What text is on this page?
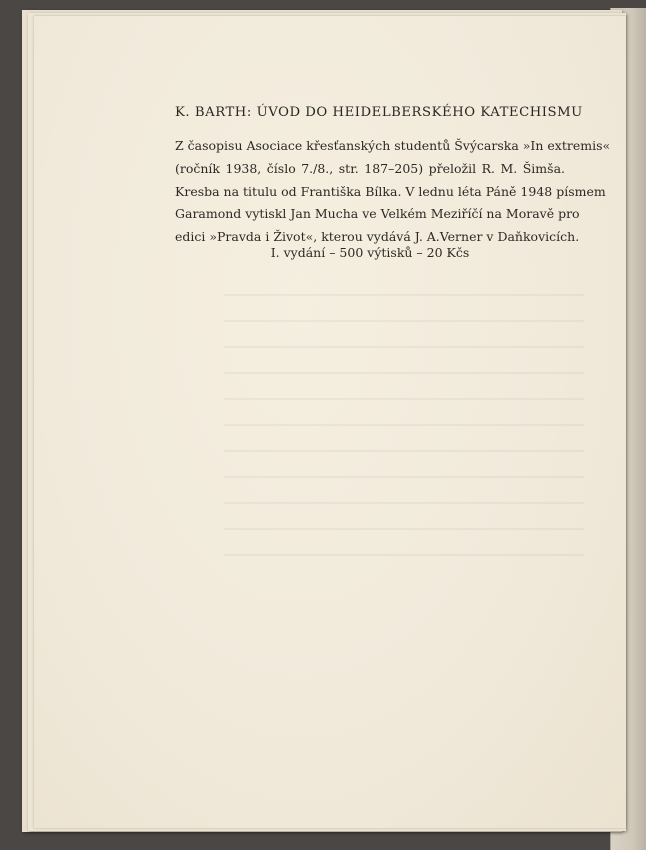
K. BARTH: ÚVOD DO HEIDELBERSKÉHO KATECHISMU

Z časopisu Asociace křesťanských studentů Švýcarska »In extremis«

(ročník 1938, číslo 7./8., str. 187–205) přeložil R. M. Šimša.

Kresba na titulu od Františka Bílka. V lednu léta Páně 1948 písmem

Garamond vytiskl Jan Mucha ve Velkém Meziříčí na Moravě pro

edici »Pravda i Život«, kterou vydává J. A.Verner v Daňkovicích.

I. vydání – 500 výtisků – 20 Kčs
